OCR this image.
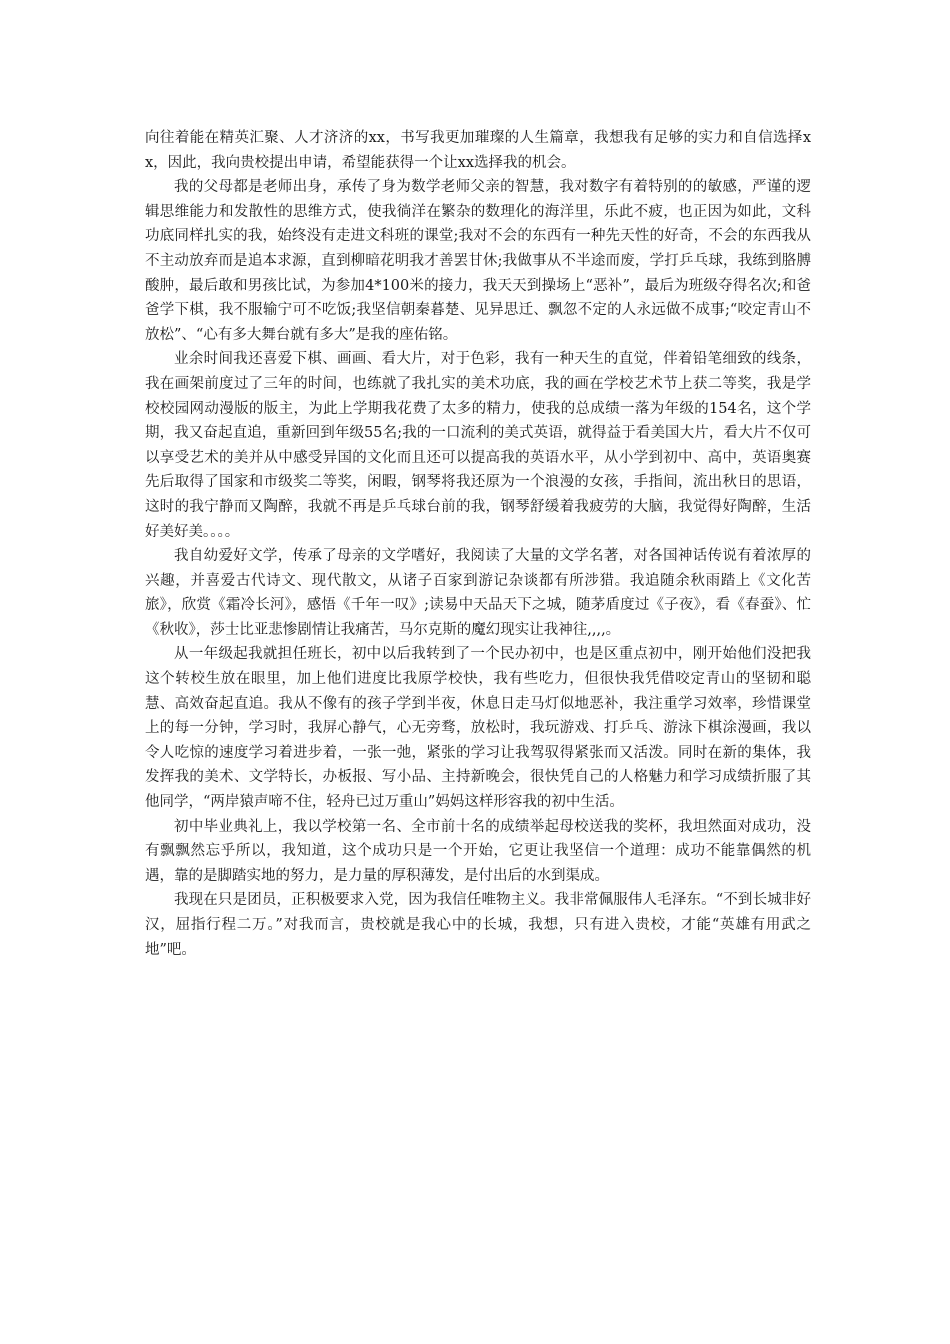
向往着能在精英汇聚、人才济济的xx，书写我更加璀璨的人生篇章，我想我有足够的实力和自信选择xx，因此，我向贵校提出申请，希望能获得一个让xx选择我的机会。

我的父母都是老师出身，承传了身为数学老师父亲的智慧，我对数字有着特别的的敏感，严谨的逻辑思维能力和发散性的思维方式，使我徜洋在繁杂的数理化的海洋里，乐此不疲，也正因为如此，文科功底同样扎实的我，始终没有走进文科班的课堂;我对不会的东西有一种先天性的好奇，不会的东西我从不主动放弃而是追本求源，直到柳暗花明我才善罢甘休;我做事从不半途而废，学打乒乓球，我练到胳膊酸肿，最后敢和男孩比试，为参加4*100米的接力，我天天到操场上“恶补”，最后为班级夺得名次;和爸爸学下棋，我不服输宁可不吃饭;我坚信朝秦暮楚、见异思迁、飘忽不定的人永远做不成事;“咬定青山不放松”、“心有多大舞台就有多大”是我的座佑铭。

业余时间我还喜爱下棋、画画、看大片，对于色彩，我有一种天生的直觉，伴着铅笔细致的线条，我在画架前度过了三年的时间，也练就了我扎实的美术功底，我的画在学校艺术节上获二等奖，我是学校校园网动漫版的版主，为此上学期我花费了太多的精力，使我的总成绩一落为年级的154名，这个学期，我又奋起直追，重新回到年级55名;我的一口流利的美式英语，就得益于看美国大片，看大片不仅可以享受艺术的美并从中感受异国的文化而且还可以提高我的英语水平，从小学到初中、高中，英语奥赛先后取得了国家和市级奖二等奖，闲暇，钢琴将我还原为一个浪漫的女孩，手指间，流出秋日的思语，这时的我宁静而又陶醉，我就不再是乒乓球台前的我，钢琴舒缓着我疲劳的大脑，我觉得好陶醉，生活好美好美。。。。

我自幼爱好文学，传承了母亲的文学嗜好，我阅读了大量的文学名著，对各国神话传说有着浓厚的兴趣，并喜爱古代诗文、现代散文，从诸子百家到游记杂谈都有所涉猎。我追随余秋雨踏上《文化苦旅》，欣赏《霜冷长河》，感悟《千年一叹》;读易中天品天下之城，随茅盾度过《子夜》，看《春蚕》、忙《秋收》，莎士比亚悲惨剧情让我痛苦，马尔克斯的魔幻现实让我神往,,,,。

从一年级起我就担任班长，初中以后我转到了一个民办初中，也是区重点初中，刚开始他们没把我这个转校生放在眼里，加上他们进度比我原学校快，我有些吃力，但很快我凭借咬定青山的坚韧和聪慧、高效奋起直追。我从不像有的孩子学到半夜，休息日走马灯似地恶补，我注重学习效率，珍惜课堂上的每一分钟，学习时，我屏心静气，心无旁骛，放松时，我玩游戏、打乒乓、游泳下棋涂漫画，我以令人吃惊的速度学习着进步着，一张一弛，紧张的学习让我驾驭得紧张而又活泼。同时在新的集体，我发挥我的美术、文学特长，办板报、写小品、主持新晚会，很快凭自己的人格魅力和学习成绩折服了其他同学，“两岸猿声啼不住，轻舟已过万重山”妈妈这样形容我的初中生活。

初中毕业典礼上，我以学校第一名、全市前十名的成绩举起母校送我的奖杯，我坦然面对成功，没有飘飘然忘乎所以，我知道，这个成功只是一个开始，它更让我坚信一个道理：成功不能靠偶然的机遇，靠的是脚踏实地的努力，是力量的厚积薄发，是付出后的水到渠成。

我现在只是团员，正积极要求入党，因为我信任唯物主义。我非常佩服伟人毛泽东。“不到长城非好汉，屈指行程二万。”对我而言，贵校就是我心中的长城，我想，只有进入贵校，才能“英雄有用武之地”吧。
